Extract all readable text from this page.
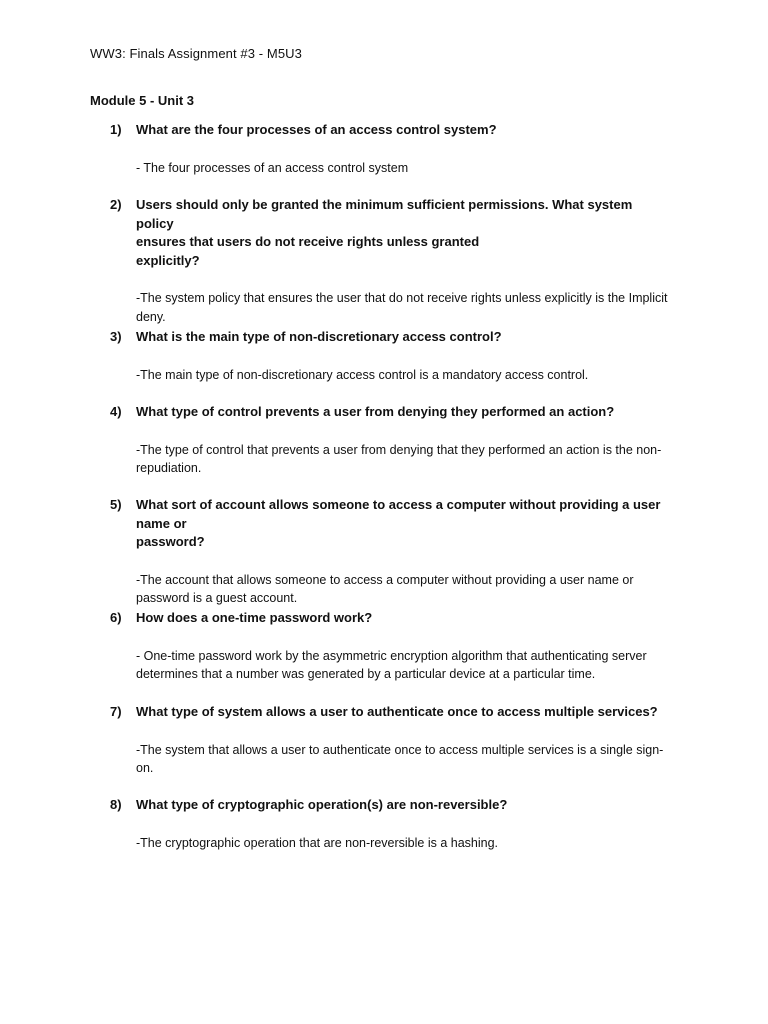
WW3: Finals Assignment #3 - M5U3
Module 5 - Unit 3
1) What are the four processes of an access control system?
- The four processes of an access control system
2) Users should only be granted the minimum sufficient permissions. What system policy
ensures that users do not receive rights unless granted
explicitly?
-The system policy that ensures the user that do not receive rights unless explicitly is the Implicit
deny.
3) What is the main type of non-discretionary access control?
-The main type of non-discretionary access control is a mandatory access control.
4) What type of control prevents a user from denying they performed an action?
-The type of control that prevents a user from denying that they performed an action is the non-
repudiation.
5) What sort of account allows someone to access a computer without providing a user name or
password?
-The account that allows someone to access a computer without providing a user name or
password is a guest account.
6) How does a one-time password work?
- One-time password work by the asymmetric encryption algorithm that authenticating server
determines that a number was generated by a particular device at a particular time.
7) What type of system allows a user to authenticate once to access multiple services?
-The system that allows a user to authenticate once to access multiple services is a single sign-
on.
8) What type of cryptographic operation(s) are non-reversible?
-The cryptographic operation that are non-reversible is a hashing.
